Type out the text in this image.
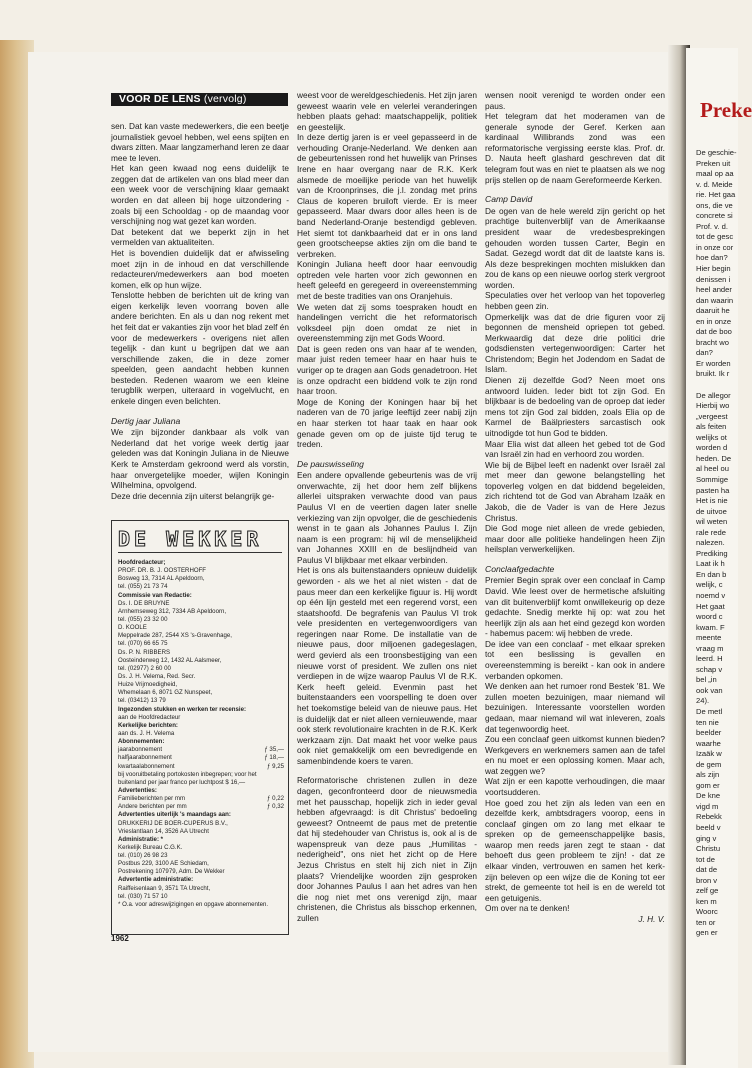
Preke
De geschie-
Preken uit
maal op aa
v. d. Meide
rie. Het gaa
ons, die ve
concrete si
Prof. v. d.
tot de gesc
in onze cor
hoe dan?
Hier begin
denissen i
heel ander
dan waarin
daaruit he
en in onze
dat de boo
bracht wo
dan?
Er worden
bruikt. Ik r

De allegor
Hierbij wo
„vergeest
als feiten
welijks ot
worden d
heden. De
al heel ou
Sommige
pasten ha
Het is nie
de uitvoe
wil weten
rale rede
nalezen.
Prediking
Laat ik h
En dan b
welijk, c
noemd v
Het gaat
woord c
kwam. F
meente
vraag m
leerd. H
schap v
bel „in
ook van
24).
De metl
ten nie
beelder
waarhe
Izaäk w
de gem
als zijn
gom er
De kne
vigd m
Rebekk
beeld v
ging v
Christu
tot de
dat de
bron v
zelf ge
ken m
Woorc
ten or
gen er
VOOR DE LENS (vervolg)

sen. Dat kan vaste medewerkers, die een beetje journalistiek gevoel hebben, wel eens spijten en dwars zitten. Maar langzamerhand leren ze daar mee te leven.

Het kan geen kwaad nog eens duidelijk te zeggen dat de artikelen van ons blad meer dan een week voor de verschijning klaar gemaakt worden en dat alleen bij hoge uitzondering - zoals bij een Schooldag - op de maandag voor verschijning nog wat gezet kan worden.

Dat betekent dat we beperkt zijn in het vermelden van aktualiteiten.

Het is bovendien duidelijk dat er afwisseling moet zijn in de inhoud en dat verschillende redacteuren/medewerkers aan bod moeten komen, elk op hun wijze.

Tenslotte hebben de berichten uit de kring van eigen kerkelijk leven voorrang boven alle andere berichten. En als u dan nog rekent met het feit dat er vakanties zijn voor het blad zelf én voor de medewerkers - overigens niet allen tegelijk - dan kunt u begrijpen dat we aan verschillende zaken, die in deze zomer speelden, geen aandacht hebben kunnen besteden. Redenen waarom we een kleine terugblik werpen, uiteraard in vogelvlucht, en enkele dingen even belichten.

Dertig jaar Juliana

We zijn bijzonder dankbaar als volk van Nederland dat het vorige week dertig jaar geleden was dat Koningin Juliana in de Nieuwe Kerk te Amsterdam gekroond werd als vorstin, haar onvergetelijke moeder, wijlen Koningin Wilhelmina, opvolgend.

Deze drie decennia zijn uiterst belangrijk ge-

DE WEKKER
Hoofdredacteur;
PROF. DR. B. J. OOSTERHOFF
Bosweg 13, 7314 AL Apeldoorn,
tel. (055) 21 73 74
Commissie van Redactie:
Ds. I. DE BRUYNE
Arnhemseweg 312, 7334 AB Apeldoorn,
tel. (055) 23 32 00
D. KOOLE
Meppelrade 287, 2544 XS 's-Gravenhage,
tel. (070) 66 65 75
Ds. P. N. RIBBERS
Oosteinderweg 12, 1432 AL Aalsmeer,
tel. (02977) 2 60 00
Ds. J. H. Velema, Red. Secr.
Huize Vrijmoedigheid,
Whemelaan 6, 8071 GZ Nunspeet,
tel. (03412) 13 79
Ingezonden stukken en werken ter recensie:
aan de Hoofdredacteur
Kerkelijke berichten:
aan ds. J. H. Velema
Abonnementen:
jaarabonnement	ƒ 35,—
halfjaarabonnement	ƒ 18,—
kwartaalabonnement	ƒ 9,25
bij vooruitbetaling portokosten inbegrepen; voor het buitenland per jaar franco per luchtpost $ 16,—
Advertenties:
Familieberichten per mm	ƒ 0,22
Andere berichten per mm	ƒ 0,32
Advertenties uiterlijk 's maandags aan:
DRUKKERIJ DE BOER-CUPERUS B.V.,
Vrieslantlaan 14, 3526 AA Utrecht
Administratie: *
Kerkelijk Bureau C.G.K.
tel. (010) 26 98 23
Postbus 229, 3100 AE Schiedam,
Postrekening 107979, Adm. De Wekker
Advertentie administratie:
Raiffeisenlaan 9, 3571 TA Utrecht,
tel. (030) 71 57 10
* O.a. voor adreswijzigingen en opgave abonnementen.
1962

weest voor de wereldgeschiedenis. Het zijn jaren geweest waarin vele en velerlei veranderingen hebben plaats gehad: maatschappelijk, politiek en geestelijk.

In deze dertig jaren is er veel gepasseerd in de verhouding Oranje-Nederland. We denken aan de gebeurtenissen rond het huwelijk van Prinses Irene en haar overgang naar de R.K. Kerk alsmede de moeilijke periode van het huwelijk van de Kroonprinses, die j.l. zondag met prins Claus de koperen bruiloft vierde. Er is meer gepasseerd. Maar dwars door alles heen is de band Nederland-Oranje bestendigd gebleven. Het siemt tot dankbaarheid dat er in ons land geen grootscheepse akties zijn om die band te verbreken.

Koningin Juliana heeft door haar eenvoudig optreden vele harten voor zich gewonnen en heeft geleefd en geregeerd in overeenstemming met de beste tradities van ons Oranjehuis.

We weten dat zij soms toespraken houdt en handelingen verricht die het reformatorisch volksdeel pijn doen omdat ze niet in overeenstemming zijn met Gods Woord.

Dat is geen reden ons van haar af te wenden, maar juist reden temeer haar en haar huis te vuriger op te dragen aan Gods genadetroon. Het is onze opdracht een biddend volk te zijn rond haar troon.

Moge de Koning der Koningen haar bij het naderen van de 70 jarige leeftijd zeer nabij zijn en haar sterken tot haar taak en haar ook genade geven om op de juiste tijd terug te treden.

De pauswisseling

Een andere opvallende gebeurtenis was de vrij onverwachte, zij het door hem zelf blijkens allerlei uitspraken verwachte dood van paus Paulus VI en de veertien dagen later snelle verkiezing van zijn opvolger, die de geschiedenis wenst in te gaan als Johannes Paulus I. Zijn naam is een program: hij wil de menselijkheid van Johannes XXIII en de beslijndheid van Paulus VI blijkbaar met elkaar verbinden.

Het is ons als buitenstaanders opnieuw duidelijk geworden - als we het al niet wisten - dat de paus meer dan een kerkelijke figuur is. Hij wordt op één lijn gesteld met een regerend vorst, een staatshoofd. De begrafenis van Paulus VI trok vele presidenten en vertegenwoordigers van regeringen naar Rome. De installatie van de nieuwe paus, door miljoenen gadegeslagen, werd gevierd als een troonsbestijging van een nieuwe vorst of president. We zullen ons niet verdiepen in de wijze waarop Paulus VI de R.K. Kerk heeft geleid. Evenmin past het buitenstaanders een voorspelling te doen over het toekomstige beleid van de nieuwe paus. Het is duidelijk dat er niet alleen vernieuwende, maar ook sterk revolutionaire krachten in de R.K. Kerk werkzaam zijn. Dat maakt het voor welke paus ook niet gemakkelijk om een bevredigende en samenbindende koers te varen.

Reformatorische christenen zullen in deze dagen, geconfronteerd door de nieuwsmedia met het pausschap, hopelijk zich in ieder geval hebben afgevraagd: is dit Christus' bedoeling geweest? Ontneemt de paus met de pretentie dat hij stedehouder van Christus is, ook al is de wapenspreuk van deze paus „Humilitas - nederigheid", ons niet het zicht op de Here Jezus Christus en stelt hij zich niet in Zijn plaats? Vriendelijke woorden zijn gesproken door Johannes Paulus I aan het adres van hen die nog niet met ons verenigd zijn, maar christenen, die Christus als bisschop erkennen, zullen

wensen nooit verenigd te worden onder een paus.

Het telegram dat het moderamen van de generale synode der Geref. Kerken aan kardinaal Willibrands zond was een reformatorische vergissing eerste klas. Prof. dr. D. Nauta heeft glashard geschreven dat dit telegram fout was en niet te plaatsen als we nog prijs stellen op de naam Gereformeerde Kerken.

Camp David

De ogen van de hele wereld zijn gericht op het prachtige buitenverblijf van de Amerikaanse president waar de vredesbesprekingen gehouden worden tussen Carter, Begin en Sadat. Gezegd wordt dat dit de laatste kans is. Als deze besprekingen mochten mislukken dan zou de kans op een nieuwe oorlog sterk vergroot worden.

Speculaties over het verloop van het topoverleg hebben geen zin.

Opmerkelijk was dat de drie figuren voor zij begonnen de mensheid opriepen tot gebed. Merkwaardig dat deze drie politici drie godsdiensten vertegenwoordigen: Carter het Christendom; Begin het Jodendom en Sadat de Islam.

Dienen zij dezelfde God? Neen moet ons antwoord luiden. Ieder bidt tot zijn God. En blijkbaar is de bedoeling van de oproep dat ieder mens tot zijn God zal bidden, zoals Elia op de Karmel de Baälpriesters sarcastisch ook uitnodigde tot hun God te bidden.

Maar Elia wist dat alleen het gebed tot de God van Israël zin had en verhoord zou worden.

Wie bij de Bijbel leeft en nadenkt over Israël zal met meer dan gewone belangstelling het topoverleg volgen en dat biddend begeleiden, zich richtend tot de God van Abraham Izaäk en Jakob, die de Vader is van de Here Jezus Christus.

Die God moge niet alleen de vrede gebieden, maar door alle politieke handelingen heen Zijn heilsplan verwerkelijken.

Conclaafgedachte

Premier Begin sprak over een conclaaf in Camp David. Wie leest over de hermetische afsluiting van dit buitenverblijf komt onwillekeurig op deze gedachte. Snedig merkte hij op: wat zou het heerlijk zijn als aan het eind gezegd kon worden - habemus pacem: wij hebben de vrede.

De idee van een conclaaf - met elkaar spreken tot een beslissing is gevallen en overeenstemming is bereikt - kan ook in andere verbanden opkomen.

We denken aan het rumoer rond Bestek '81. We zullen moeten bezuinigen, maar niemand wil bezuinigen. Interessante voorstellen worden gedaan, maar niemand wil wat inleveren, zoals dat tegenwoordig heet.

Zou een conclaaf geen uitkomst kunnen bieden? Werkgevers en werknemers samen aan de tafel en nu moet er een oplossing komen. Maar ach, wat zeggen we?

Wat zijn er een kapotte verhoudingen, die maar voortsudderen.

Hoe goed zou het zijn als leden van een en dezelfde kerk, ambtsdragers voorop, eens in conclaaf gingen om zo lang met elkaar te spreken op de gemeenschappelijke basis, waarop men reeds jaren zegt te staan - dat behoeft dus geen probleem te zijn! - dat ze elkaar vinden, vertrouwen en samen het kerk-zijn beleven op een wijze die de Koning tot eer strekt, de gemeente tot heil is en de wereld tot een getuigenis.

Om over na te denken!

J. H. V.
